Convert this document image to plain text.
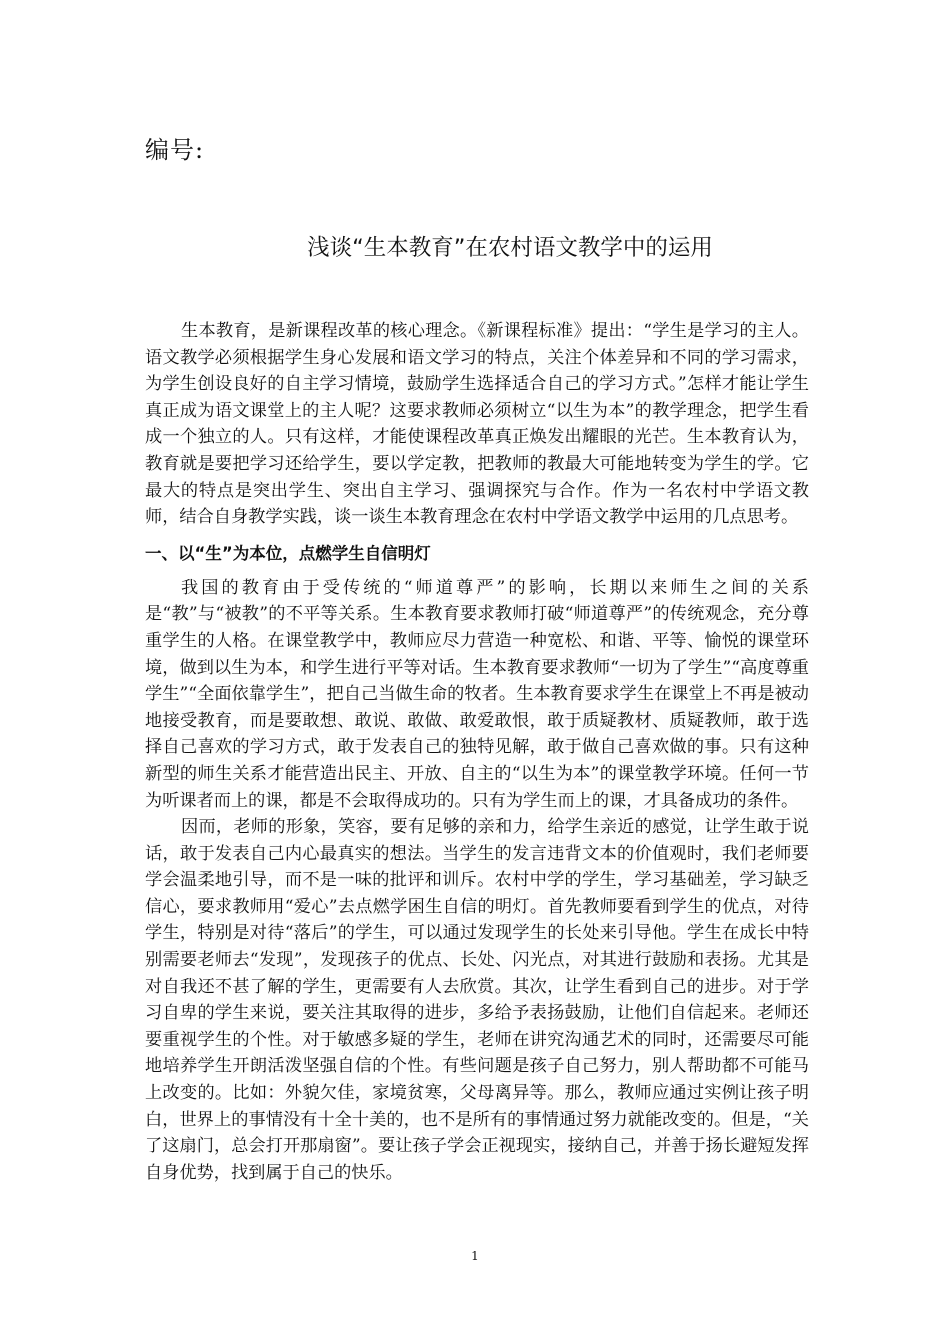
编号:
浅谈“生本教育”在农村语文教学中的运用

生本教育，是新课程改革的核心理念。《新课程标准》提出：“学生是学习的主人。语文教学必须根据学生身心发展和语文学习的特点，关注个体差异和不同的学习需求，为学生创设良好的自主学习情境，鼓励学生选择适合自己的学习方式。”怎样才能让学生真正成为语文课堂上的主人呢？这要求教师必须树立“以生为本”的教学理念，把学生看成一个独立的人。只有这样，才能使课程改革真正焕发出耀眼的光芒。生本教育认为，教育就是要把学习还给学生，要以学定教，把教师的教最大可能地转变为学生的学。它最大的特点是突出学生、突出自主学习、强调探究与合作。作为一名农村中学语文教师，结合自身教学实践，谈一谈生本教育理念在农村中学语文教学中运用的几点思考。

一、以“生”为本位，点燃学生自信明灯

我国的教育由于受传统的“师道尊严”的影响，长期以来师生之间的关系是“教”与“被教”的不平等关系。生本教育要求教师打破“师道尊严”的传统观念，充分尊重学生的人格。在课堂教学中，教师应尽力营造一种宽松、和谐、平等、愉悦的课堂环境，做到以生为本，和学生进行平等对话。生本教育要求教师“一切为了学生”“高度尊重学生”“全面依靠学生”，把自己当做生命的牧者。生本教育要求学生在课堂上不再是被动地接受教育，而是要敢想、敢说、敢做、敢爱敢恨，敢于质疑教材、质疑教师，敢于选择自己喜欢的学习方式，敢于发表自己的独特见解，敢于做自己喜欢做的事。只有这种新型的师生关系才能营造出民主、开放、自主的“以生为本”的课堂教学环境。任何一节为听课者而上的课，都是不会取得成功的。只有为学生而上的课，才具备成功的条件。

因而，老师的形象，笑容，要有足够的亲和力，给学生亲近的感觉，让学生敢于说话，敢于发表自己内心最真实的想法。当学生的发言违背文本的价值观时，我们老师要学会温柔地引导，而不是一味的批评和训斥。农村中学的学生，学习基础差，学习缺乏信心，要求教师用“爱心”去点燃学困生自信的明灯。首先教师要看到学生的优点，对待学生，特别是对待“落后”的学生，可以通过发现学生的长处来引导他。学生在成长中特别需要老师去“发现”，发现孩子的优点、长处、闪光点，对其进行鼓励和表扬。尤其是对自我还不甚了解的学生，更需要有人去欣赏。其次，让学生看到自己的进步。对于学习自卑的学生来说，要关注其取得的进步，多给予表扬鼓励，让他们自信起来。老师还要重视学生的个性。对于敏感多疑的学生，老师在讲究沟通艺术的同时，还需要尽可能地培养学生开朗活泼坚强自信的个性。有些问题是孩子自己努力，别人帮助都不可能马上改变的。比如：外貌欠佳，家境贫寒，父母离异等。那么，教师应通过实例让孩子明白，世界上的事情没有十全十美的，也不是所有的事情通过努力就能改变的。但是，“关了这扇门，总会打开那扇窗”。要让孩子学会正视现实，接纳自己，并善于扬长避短发挥自身优势，找到属于自己的快乐。

1
